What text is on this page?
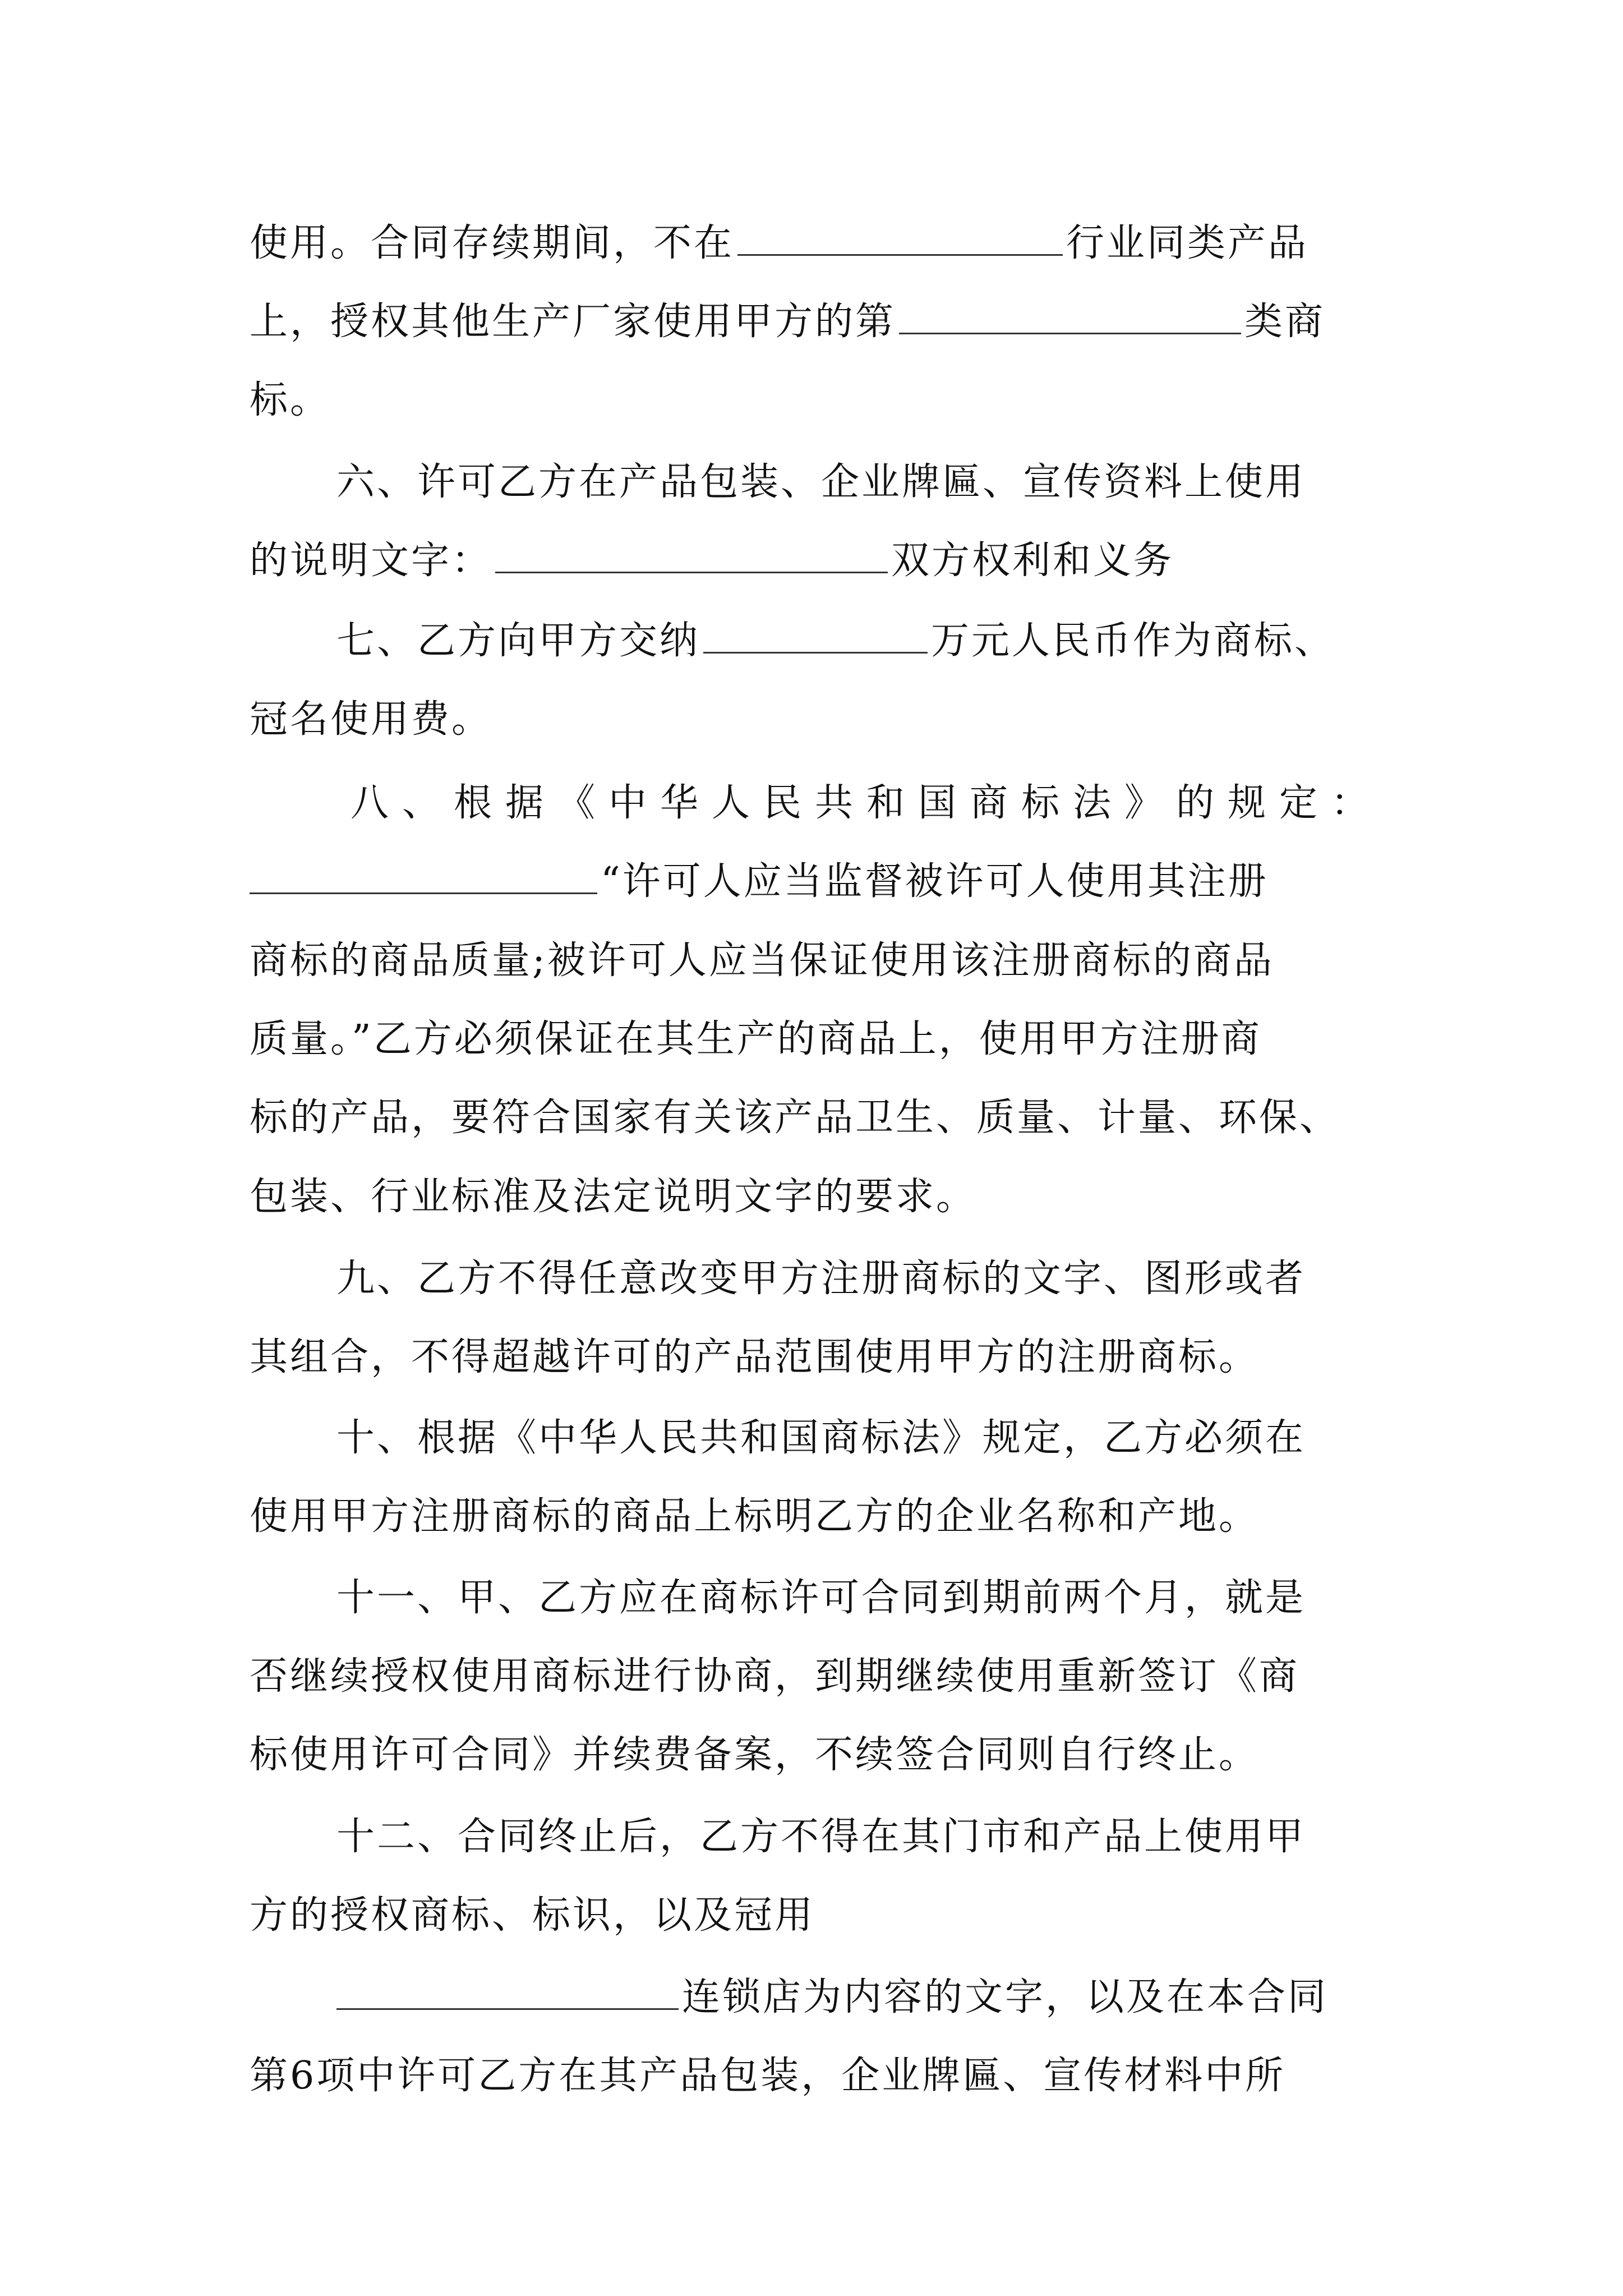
使用。合同存续期间，不在	行业同类产品
上，授权其他生产厂家使用甲方的第	类商
标。
六、许可乙方在产品包装、企业牌匾、宣传资料上使用
的说明文字：	双方权利和义务
七、乙方向甲方交纳	万元人民币作为商标、
冠名使用费。
八、根据《中华人民共和国商标法》的规定：
“许可人应当监督被许可人使用其注册
商标的商品质量;被许可人应当保证使用该注册商标的商品
质量。”乙方必须保证在其生产的商品上，使用甲方注册商
标的产品，要符合国家有关该产品卫生、质量、计量、环保、
包装、行业标准及法定说明文字的要求。
九、乙方不得任意改变甲方注册商标的文字、图形或者
其组合，不得超越许可的产品范围使用甲方的注册商标。
十、根据《中华人民共和国商标法》规定，乙方必须在
使用甲方注册商标的商品上标明乙方的企业名称和产地。
十一、甲、乙方应在商标许可合同到期前两个月，就是
否继续授权使用商标进行协商，到期继续使用重新签订《商
标使用许可合同》并续费备案，不续签合同则自行终止。
十二、合同终止后，乙方不得在其门市和产品上使用甲
方的授权商标、标识，以及冠用
连锁店为内容的文字，以及在本合同
第6项中许可乙方在其产品包装，企业牌匾、宣传材料中所
